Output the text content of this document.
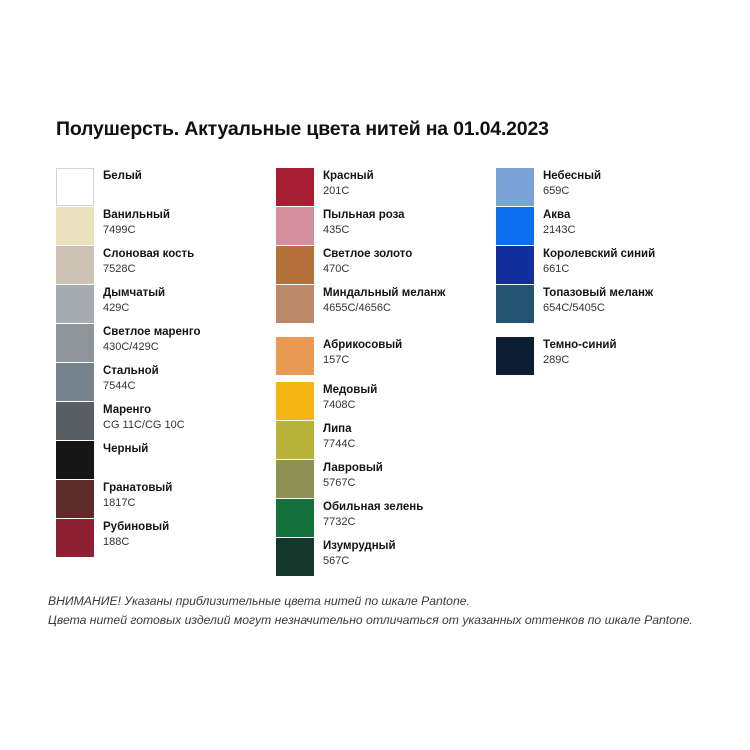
Полушерсть. Актуальные цвета нитей на 01.04.2023
Белый
Ванильный
7499C
Слоновая кость
7528C
Дымчатый
429C
Светлое маренго
430C/429C
Стальной
7544C
Маренго
CG 11C/CG 10C
Черный
Гранатовый
1817C
Рубиновый
188C
Красный
201C
Пыльная роза
435C
Светлое золото
470C
Миндальный меланж
4655C/4656C
Абрикосовый
157C
Медовый
7408C
Липа
7744C
Лавровый
5767C
Обильная зелень
7732C
Изумрудный
567C
Небесный
659C
Аква
2143C
Королевский синий
661C
Топазовый меланж
654C/5405C
Темно-синий
289C
ВНИМАНИЕ! Указаны приблизительные цвета нитей по шкале Pantone.
Цвета нитей готовых изделий могут незначительно отличаться от указанных оттенков по шкале Pantone.
